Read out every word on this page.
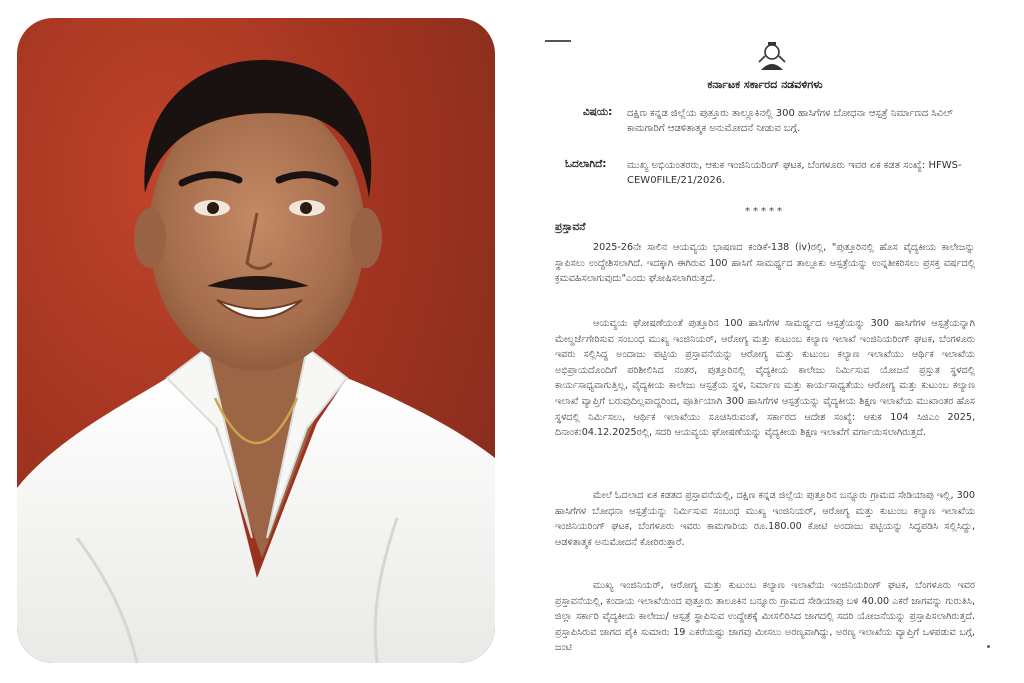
ಕರ್ನಾಟಕ ಸರ್ಕಾರದ ನಡವಳಿಗಳು
ವಿಷಯ: ದಕ್ಷಿಣ ಕನ್ನಡ ಜಿಲ್ಲೆಯ ಪುತ್ತೂರು ತಾಲ್ಲೂಕಿನಲ್ಲಿ 300 ಹಾಸಿಗೆಗಳ ಬೋಧನಾ ಆಸ್ಪತ್ರೆ ನಿರ್ಮಾಣದ ಸಿವಿಲ್ ಕಾಮಗಾರಿಗೆ ಆಡಳಿತಾತ್ಮಕ ಅನುಮೋದನೆ ನೀಡುವ ಬಗ್ಗೆ.
ಓದಲಾಗಿದೆ: ಮುಖ್ಯ ಅಭಿಯಂತರರು, ಆಕುಕ ಇಂಜಿನಿಯರಿಂಗ್ ಘಟಕ, ಬೆಂಗಳೂರು ಇವರ ಏಕ ಕಡತ ಸಂಖ್ಯೆ: HFWS-CEW0FILE/21/2026.
*****
ಪ್ರಸ್ತಾವನೆ
2025-26ನೇ ಸಾಲಿನ ಆಯವ್ಯಯ ಭಾಷಣದ ಕಂಡಿಕೆ-138 (iv)ರಲ್ಲಿ, "ಪುತ್ತೂರಿನಲ್ಲಿ ಹೊಸ ವೈದ್ಯಕೀಯ ಕಾಲೇಜನ್ನು ಸ್ಥಾಪಿಸಲು ಉದ್ದೇಶಿಸಲಾಗಿದೆ. ಇದಕ್ಕಾಗಿ ಈಗಿರುವ 100 ಹಾಸಿಗೆ ಸಾಮರ್ಥ್ಯದ ತಾಲ್ಲೂಕು ಆಸ್ಪತ್ರೆಯನ್ನು ಉನ್ನತೀಕರಿಸಲು ಪ್ರಸಕ್ತ ವರ್ಷದಲ್ಲಿ ಕ್ರಮವಹಿಸಲಾಗುವುದು"ಎಂದು ಘೋಷಿಸಲಾಗಿರುತ್ತದೆ.
ಆಯವ್ಯಯ ಘೋಷಣೆಯಂತೆ ಪುತ್ತೂರಿನ 100 ಹಾಸಿಗೆಗಳ ಸಾಮರ್ಥ್ಯದ ಆಸ್ಪತ್ರೆಯನ್ನು 300 ಹಾಸಿಗೆಗಳ ಆಸ್ಪತ್ರೆಯನ್ನಾಗಿ ಮೇಲ್ದರ್ಜೆಗೇರಿಸುವ ಸಂಬಂಧ ಮುಖ್ಯ ಇಂಜಿನಿಯರ್, ಆರೋಗ್ಯ ಮತ್ತು ಕುಟುಂಬ ಕಲ್ಯಾಣ ಇಲಾಖೆ ಇಂಜಿನಿಯರಿಂಗ್ ಘಟಕ, ಬೆಂಗಳೂರು ಇವರು ಸಲ್ಲಿಸಿದ್ದ ಅಂದಾಜು ಪಟ್ಟಿಯ ಪ್ರಸ್ತಾವನೆಯನ್ನು ಆರೋಗ್ಯ ಮತ್ತು ಕುಟುಂಬ ಕಲ್ಯಾಣ ಇಲಾಖೆಯು ಆರ್ಥಿಕ ಇಲಾಖೆಯ ಅಭಿಪ್ರಾಯದೊಂದಿಗೆ ಪರಿಶೀಲಿಸಿದ ನಂತರ, ಪುತ್ತೂರಿನಲ್ಲಿ ವೈದ್ಯಕೀಯ ಕಾಲೇಜು ನಿರ್ಮಿಸುವ ಯೋಜನೆ ಪ್ರಸ್ತುತ ಸ್ಥಳದಲ್ಲಿ ಕಾರ್ಯಸಾಧ್ಯವಾಗುತ್ತಿಲ್ಲ, ವೈದ್ಯಕೀಯ ಕಾಲೇಜು ಆಸ್ಪತ್ರೆಯ ಸ್ಥಳ, ನಿರ್ಮಾಣ ಮತ್ತು ಕಾರ್ಯಸಾಧ್ಯತೆಯು ಆರೋಗ್ಯ ಮತ್ತು ಕುಟುಂಬ ಕಲ್ಯಾಣ ಇಲಾಖೆ ವ್ಯಾಪ್ತಿಗೆ ಬರುವುದಿಲ್ಲವಾದ್ದರಿಂದ, ಪೂರ್ತಿಯಾಗಿ 300 ಹಾಸಿಗೆಗಳ ಆಸ್ಪತ್ರೆಯನ್ನು ವೈದ್ಯಕೀಯ ಶಿಕ್ಷಣ ಇಲಾಖೆಯ ಮುಖಾಂತರ ಹೊಸ ಸ್ಥಳದಲ್ಲಿ ನಿರ್ಮಿಸಲು, ಆರ್ಥಿಕ ಇಲಾಖೆಯು ಸೂಚಿಸಿರುವಂತೆ, ಸರ್ಕಾರದ ಆದೇಶ ಸಂಖ್ಯೆ: ಆಕುಕ 104 ಸಿಜಿಎಂ 2025, ದಿನಾಂಕ:04.12.2025ರಲ್ಲಿ, ಸದರಿ ಆಯವ್ಯಯ ಘೋಷಣೆಯನ್ನು ವೈದ್ಯಕೀಯ ಶಿಕ್ಷಣ ಇಲಾಖೆಗೆ ವರ್ಗಾಯಿಸಲಾಗಿರುತ್ತದೆ.
ಮೇಲೆ ಓದಲಾದ ಏಕ ಕಡತದ ಪ್ರಸ್ತಾವನೆಯಲ್ಲಿ, ದಕ್ಷಿಣ ಕನ್ನಡ ಜಿಲ್ಲೆಯ ಪುತ್ತೂರಿನ ಬನ್ನೂರು ಗ್ರಾಮದ ಸೇಡಿಯಾಪು ಇಲ್ಲಿ, 300 ಹಾಸಿಗೆಗಳ ಬೋಧನಾ ಆಸ್ಪತ್ರೆಯನ್ನು ನಿರ್ಮಿಸುವ ಸಂಬಂಧ ಮುಖ್ಯ ಇಂಜಿನಿಯರ್, ಆರೋಗ್ಯ ಮತ್ತು ಕುಟುಂಬ ಕಲ್ಯಾಣ ಇಲಾಖೆಯ ಇಂಜಿನಿಯರಿಂಗ್ ಘಟಕ, ಬೆಂಗಳೂರು ಇವರು ಕಾಮಗಾರಿಯ ರೂ.180.00 ಕೋಟಿ ಅಂದಾಜು ಪಟ್ಟಿಯನ್ನು ಸಿದ್ಧಪಡಿಸಿ ಸಲ್ಲಿಸಿದ್ದು, ಆಡಳಿತಾತ್ಮಕ ಅನುಮೋದನೆ ಕೋರಿರುತ್ತಾರೆ.
ಮುಖ್ಯ ಇಂಜಿನಿಯರ್, ಆರೋಗ್ಯ ಮತ್ತು ಕುಟುಂಬ ಕಲ್ಯಾಣ ಇಲಾಖೆಯ ಇಂಜಿನಿಯರಿಂಗ್ ಘಟಕ, ಬೆಂಗಳೂರು ಇವರ ಪ್ರಸ್ತಾವನೆಯಲ್ಲಿ, ಕಂದಾಯ ಇಲಾಖೆಯಿಂದ ಪುತ್ತೂರು ತಾಲೂಕಿನ ಬನ್ನೂರು ಗ್ರಾಮದ ಸೇಡಿಯಾಪು ಬಳಿ 40.00 ಎಕರೆ ಜಾಗವನ್ನು ಗುರುತಿಸಿ, ಜಿಲ್ಲಾ ಸರ್ಕಾರಿ ವೈದ್ಯಕೀಯ ಕಾಲೇಜು/ ಆಸ್ಪತ್ರೆ ಸ್ಥಾಪಿಸುವ ಉದ್ದೇಶಕ್ಕೆ ಮೀಸಲಿರಿಸಿದ ಜಾಗದಲ್ಲಿ ಸದರಿ ಯೋಜನೆಯನ್ನು ಪ್ರಸ್ತಾಪಿಸಲಾಗಿರುತ್ತದೆ. ಪ್ರಸ್ತಾಪಿಸಿರುವ ಜಾಗದ ಪೈಕಿ ಸುಮಾರು 19 ಎಕರೆಯಷ್ಟು ಜಾಗವು ಮೀಸಲು ಅರಣ್ಯವಾಗಿದ್ದು, ಅರಣ್ಯ ಇಲಾಖೆಯ ವ್ಯಾಪ್ತಿಗೆ ಒಳಪಡುವ ಬಗ್ಗೆ, ಜಂಟಿ
